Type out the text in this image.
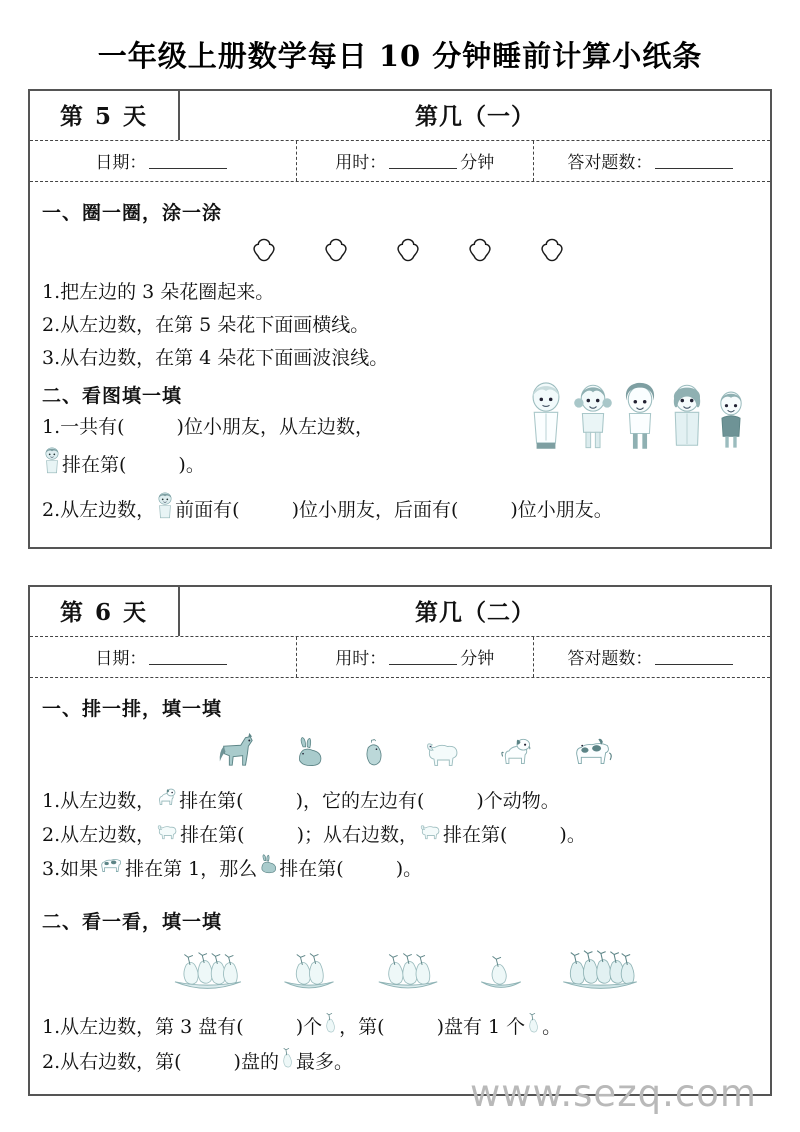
一年级上册数学每日 10 分钟睡前计算小纸条
第 5 天	第几（一）
日期：	用时：	分钟	答对题数：
一、圈一圈，涂一涂
1.把左边的 3 朵花圈起来。
2.从左边数，在第 5 朵花下面画横线。
3.从右边数，在第 4 朵花下面画波浪线。
二、看图填一填
1.一共有(	)位小朋友，从左边数，
排在第(	)。
2.从左边数， 前面有(	)位小朋友，后面有(	)位小朋友。
第 6 天	第几（二）
日期：	用时：	分钟	答对题数：
一、排一排，填一填
1.从左边数， 排在第(	)，它的左边有(	)个动物。
2.从左边数， 排在第(	)；从右边数， 排在第(	)。
3.如果 排在第 1，那么 排在第(	)。
二、看一看，填一填
1.从左边数，第 3 盘有(	)个 ，第(	)盘有 1 个 。
2.从右边数，第(	)盘的 最多。
www.sezq.com
